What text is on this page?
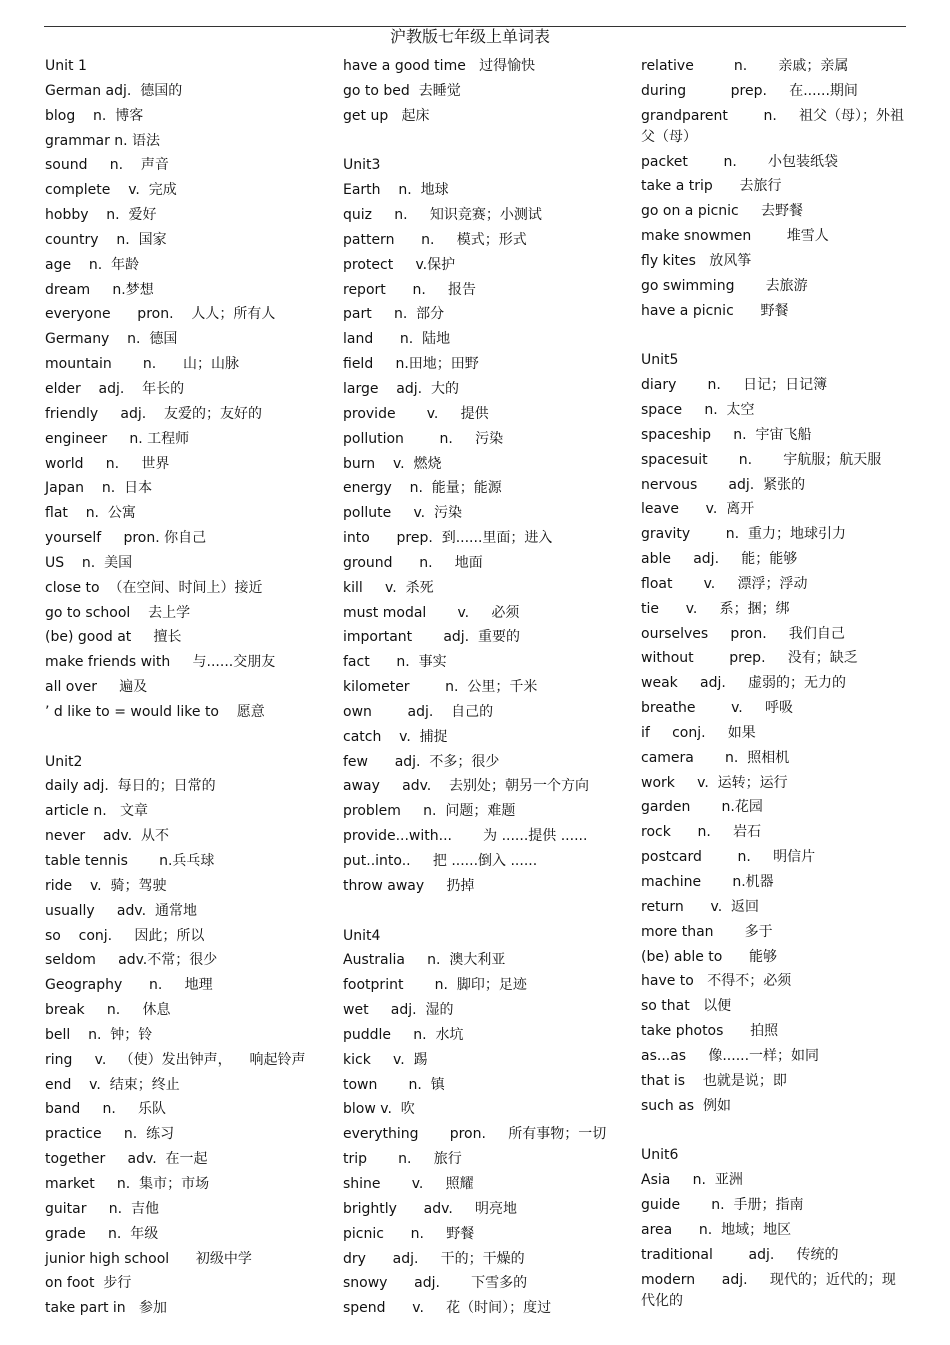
沪教版七年级上单词表
Unit 1
German adj.  德国的
blog    n.  博客
grammar n. 语法
sound     n.    声音
complete    v.  完成
hobby    n.  爱好
country    n.  国家
age    n.  年龄
dream     n.梦想
everyone      pron.    人人；所有人
Germany    n.  德国
mountain       n.      山；山脉
elder    adj.    年长的
friendly     adj.    友爱的；友好的
engineer     n. 工程师
world     n.     世界
Japan    n.  日本
flat    n.  公寓
yourself     pron. 你自己
US    n.  美国
close to  （在空间、时间上）接近
go to school    去上学
(be) good at     擅长
make friends with     与......交朋友
all over     遍及
’ d like to = would like to    愿意
Unit2
daily adj.  每日的；日常的
article n.   文章
never    adv.  从不
table tennis       n.兵乓球
ride    v.  骑；驾驶
usually     adv.  通常地
so    conj.     因此；所以
seldom     adv.不常；很少
Geography      n.     地理
break     n.     休息
bell    n.  钟；铃
ring     v.   （使）发出钟声，    响起铃声
end    v.  结束；终止
band     n.     乐队
practice     n.  练习
together     adv.  在一起
market     n.  集市；市场
guitar     n.  吉他
grade     n.  年级
junior high school      初级中学
on foot  步行
take part in   参加
have a good time   过得愉快
go to bed  去睡觉
get up   起床
Unit3
Earth    n.  地球
quiz     n.     知识竞赛；小测试
pattern      n.     模式；形式
protect     v.保护
report      n.     报告
part     n.  部分
land      n.  陆地
field     n.田地；田野
large    adj.  大的
provide       v.     提供
pollution        n.     污染
burn    v.  燃烧
energy    n.  能量；能源
pollute     v.  污染
into      prep.  到......里面；进入
ground      n.     地面
kill     v.  杀死
must modal       v.     必须
important       adj.  重要的
fact      n.  事实
kilometer        n.  公里；千米
own        adj.    自己的
catch    v.  捕捉
few      adj.  不多；很少
away     adv.    去别处；朝另一个方向
problem     n.  问题；难题
provide...with...       为 ......提供 ......
put..into..     把 ......倒入 ......
throw away     扔掉
Unit4
Australia     n.  澳大利亚
footprint       n.  脚印；足迹
wet     adj.  湿的
puddle     n.  水坑
kick     v.  踢
town       n.  镇
blow v.  吹
everything       pron.     所有事物；一切
trip       n.     旅行
shine       v.     照耀
brightly      adv.     明亮地
picnic      n.     野餐
dry      adj.     干的；干燥的
snowy      adj.       下雪多的
spend      v.     花（时间）；度过
relative         n.       亲戚；亲属
during          prep.     在......期间
grandparent        n.     祖父（母）；外祖父（母）
packet        n.       小包装纸袋
take a trip      去旅行
go on a picnic     去野餐
make snowmen        堆雪人
fly kites   放风筝
go swimming       去旅游
have a picnic      野餐
Unit5
diary       n.     日记；日记簿
space     n.  太空
spaceship     n.  宇宙飞船
spacesuit       n.       宇航服；航天服
nervous       adj.  紧张的
leave      v.  离开
gravity        n.  重力；地球引力
able     adj.     能；能够
float       v.     漂浮；浮动
tie      v.     系；捆；绑
ourselves     pron.     我们自己
without        prep.     没有；缺乏
weak     adj.     虚弱的；无力的
breathe        v.     呼吸
if     conj.     如果
camera       n.  照相机
work     v.  运转；运行
garden       n.花园
rock      n.     岩石
postcard        n.     明信片
machine       n.机器
return      v.  返回
more than       多于
(be) able to      能够
have to   不得不；必须
so that   以便
take photos      拍照
as...as     像......一样；如同
that is    也就是说；即
such as  例如
Unit6
Asia     n.  亚洲
guide       n.  手册；指南
area      n.  地域；地区
traditional        adj.     传统的
modern      adj.     现代的；近代的；现代化的
